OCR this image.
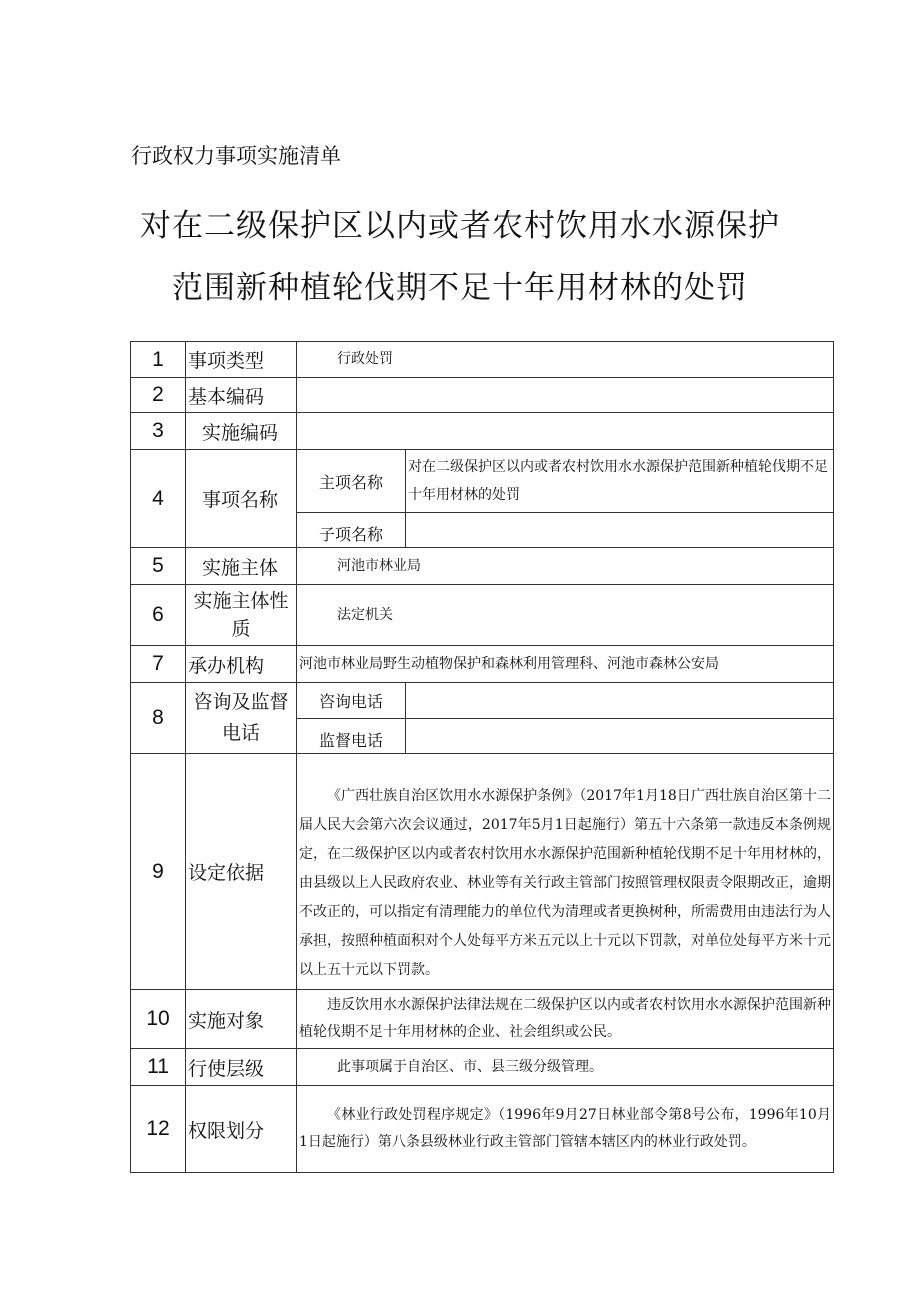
行政权力事项实施清单
对在二级保护区以内或者农村饮用水水源保护
范围新种植轮伐期不足十年用材林的处罚
1	事项类型	行政处罚	
2	基本编码		
3	实施编码		
4	事项名称	主项名称	对在二级保护区以内或者农村饮用水水源保护范围新种植轮伐期不足十年用材林的处罚
		子项名称	
5	实施主体	河池市林业局	
6	实施主体性质	法定机关	
7	承办机构	河池市林业局野生动植物保护和森林利用管理科、河池市森林公安局	
8	咨询及监督电话	咨询电话	
		监督电话	
9	设定依据	《广西壮族自治区饮用水水源保护条例》（2017年1月18日广西壮族自治区第十二届人民大会第六次会议通过，2017年5月1日起施行）第五十六条第一款违反本条例规定，在二级保护区以内或者农村饮用水水源保护范围新种植轮伐期不足十年用材林的，由县级以上人民政府农业、林业等有关行政主管部门按照管理权限责令限期改正，逾期不改正的，可以指定有清理能力的单位代为清理或者更换树种，所需费用由违法行为人承担，按照种植面积对个人处每平方米五元以上十元以下罚款，对单位处每平方米十元以上五十元以下罚款。	

10	实施对象	违反饮用水水源保护法律法规在二级保护区以内或者农村饮用水水源保护范围新种植轮伐期不足十年用材林的企业、社会组织或公民。	

11	行使层级	此事项属于自治区、市、县三级分级管理。	
12	权限划分	《林业行政处罚程序规定》（1996年9月27日林业部令第8号公布，1996年10月1日起施行）第八条县级林业行政主管部门管辖本辖区内的林业行政处罚。	
